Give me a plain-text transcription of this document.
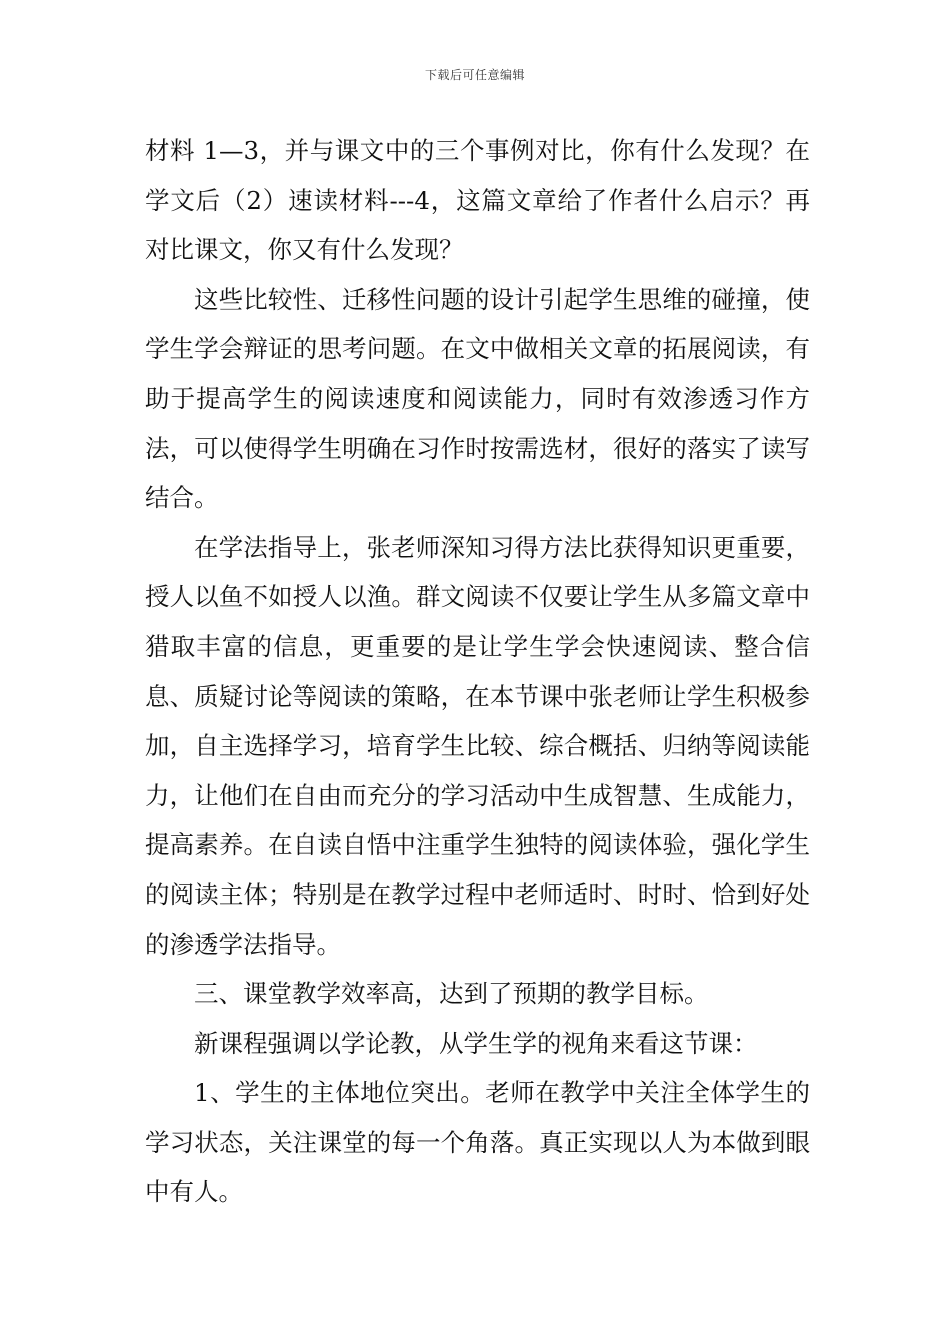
下载后可任意编辑

材料 1—3，并与课文中的三个事例对比，你有什么发现？在学文后（2）速读材料---4，这篇文章给了作者什么启示？再对比课文，你又有什么发现？

这些比较性、迁移性问题的设计引起学生思维的碰撞，使学生学会辩证的思考问题。在文中做相关文章的拓展阅读，有助于提高学生的阅读速度和阅读能力，同时有效渗透习作方法，可以使得学生明确在习作时按需选材，很好的落实了读写结合。

在学法指导上，张老师深知习得方法比获得知识更重要，授人以鱼不如授人以渔。群文阅读不仅要让学生从多篇文章中猎取丰富的信息，更重要的是让学生学会快速阅读、整合信息、质疑讨论等阅读的策略，在本节课中张老师让学生积极参加，自主选择学习，培育学生比较、综合概括、归纳等阅读能力，让他们在自由而充分的学习活动中生成智慧、生成能力，提高素养。在自读自悟中注重学生独特的阅读体验，强化学生的阅读主体；特别是在教学过程中老师适时、时时、恰到好处的渗透学法指导。

三、课堂教学效率高，达到了预期的教学目标。

新课程强调以学论教，从学生学的视角来看这节课：

1、学生的主体地位突出。老师在教学中关注全体学生的学习状态，关注课堂的每一个角落。真正实现以人为本做到眼中有人。
